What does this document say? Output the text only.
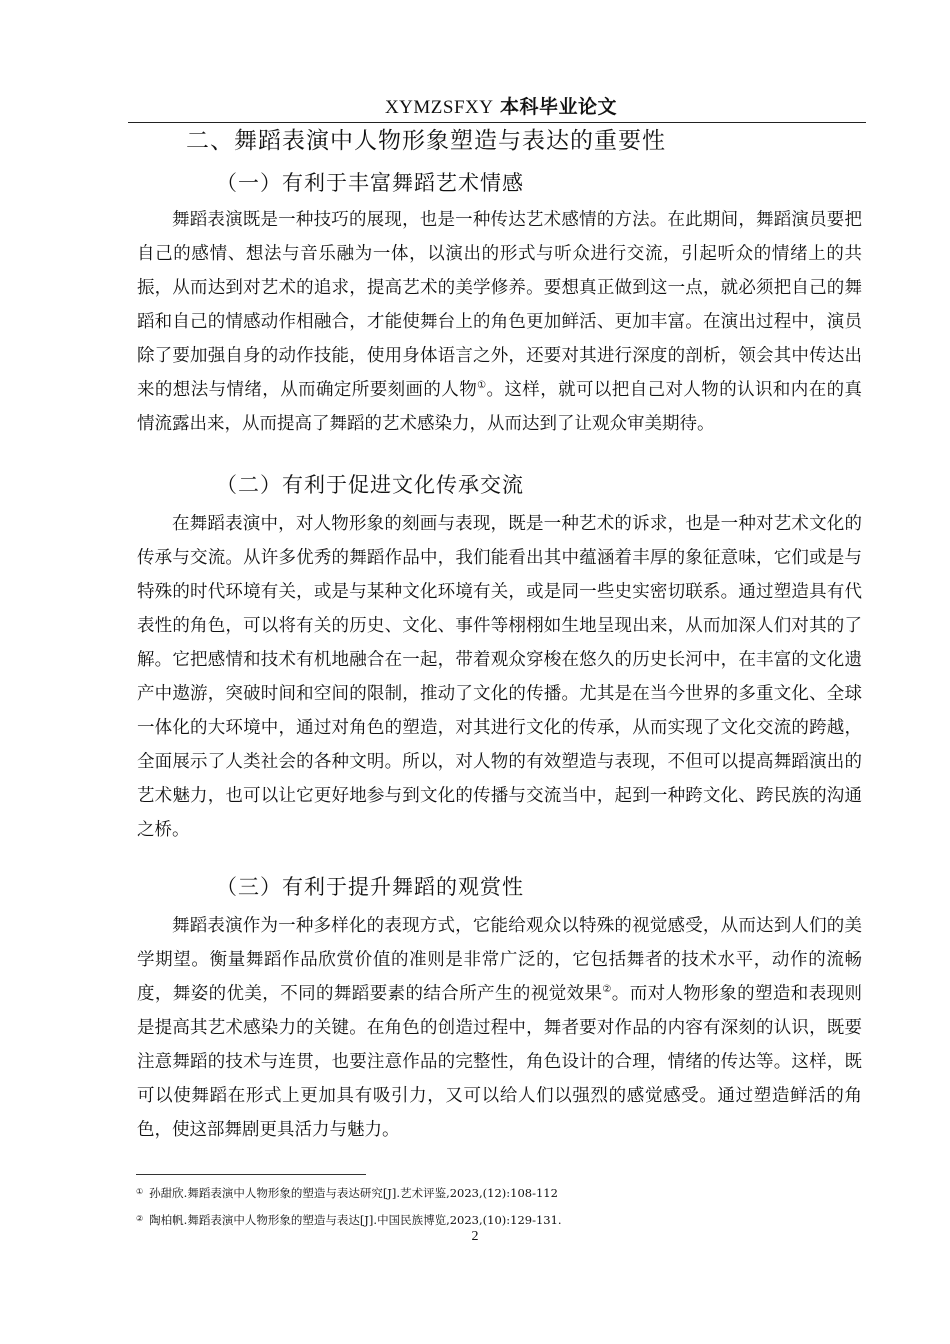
XYMZSFXY 本科毕业论文
二、舞蹈表演中人物形象塑造与表达的重要性
（一）有利于丰富舞蹈艺术情感

舞蹈表演既是一种技巧的展现，也是一种传达艺术感情的方法。在此期间，舞蹈演员要把自己的感情、想法与音乐融为一体，以演出的形式与听众进行交流，引起听众的情绪上的共振，从而达到对艺术的追求，提高艺术的美学修养。要想真正做到这一点，就必须把自己的舞蹈和自己的情感动作相融合，才能使舞台上的角色更加鲜活、更加丰富。在演出过程中，演员除了要加强自身的动作技能，使用身体语言之外，还要对其进行深度的剖析，领会其中传达出来的想法与情绪，从而确定所要刻画的人物①。这样，就可以把自己对人物的认识和内在的真情流露出来，从而提高了舞蹈的艺术感染力，从而达到了让观众审美期待。

（二）有利于促进文化传承交流

在舞蹈表演中，对人物形象的刻画与表现，既是一种艺术的诉求，也是一种对艺术文化的传承与交流。从许多优秀的舞蹈作品中，我们能看出其中蕴涵着丰厚的象征意味，它们或是与特殊的时代环境有关，或是与某种文化环境有关，或是同一些史实密切联系。通过塑造具有代表性的角色，可以将有关的历史、文化、事件等栩栩如生地呈现出来，从而加深人们对其的了解。它把感情和技术有机地融合在一起，带着观众穿梭在悠久的历史长河中，在丰富的文化遗产中遨游，突破时间和空间的限制，推动了文化的传播。尤其是在当今世界的多重文化、全球一体化的大环境中，通过对角色的塑造，对其进行文化的传承，从而实现了文化交流的跨越，全面展示了人类社会的各种文明。所以，对人物的有效塑造与表现，不但可以提高舞蹈演出的艺术魅力，也可以让它更好地参与到文化的传播与交流当中，起到一种跨文化、跨民族的沟通之桥。

（三）有利于提升舞蹈的观赏性

舞蹈表演作为一种多样化的表现方式，它能给观众以特殊的视觉感受，从而达到人们的美学期望。衡量舞蹈作品欣赏价值的准则是非常广泛的，它包括舞者的技术水平，动作的流畅度，舞姿的优美，不同的舞蹈要素的结合所产生的视觉效果②。而对人物形象的塑造和表现则是提高其艺术感染力的关键。在角色的创造过程中，舞者要对作品的内容有深刻的认识，既要注意舞蹈的技术与连贯，也要注意作品的完整性，角色设计的合理，情绪的传达等。这样，既可以使舞蹈在形式上更加具有吸引力，又可以给人们以强烈的感觉感受。通过塑造鲜活的角色，使这部舞剧更具活力与魅力。

① 孙甜欣.舞蹈表演中人物形象的塑造与表达研究[J].艺术评鉴,2023,(12):108-112
② 陶柏帆.舞蹈表演中人物形象的塑造与表达[J].中国民族博览,2023,(10):129-131.
2
